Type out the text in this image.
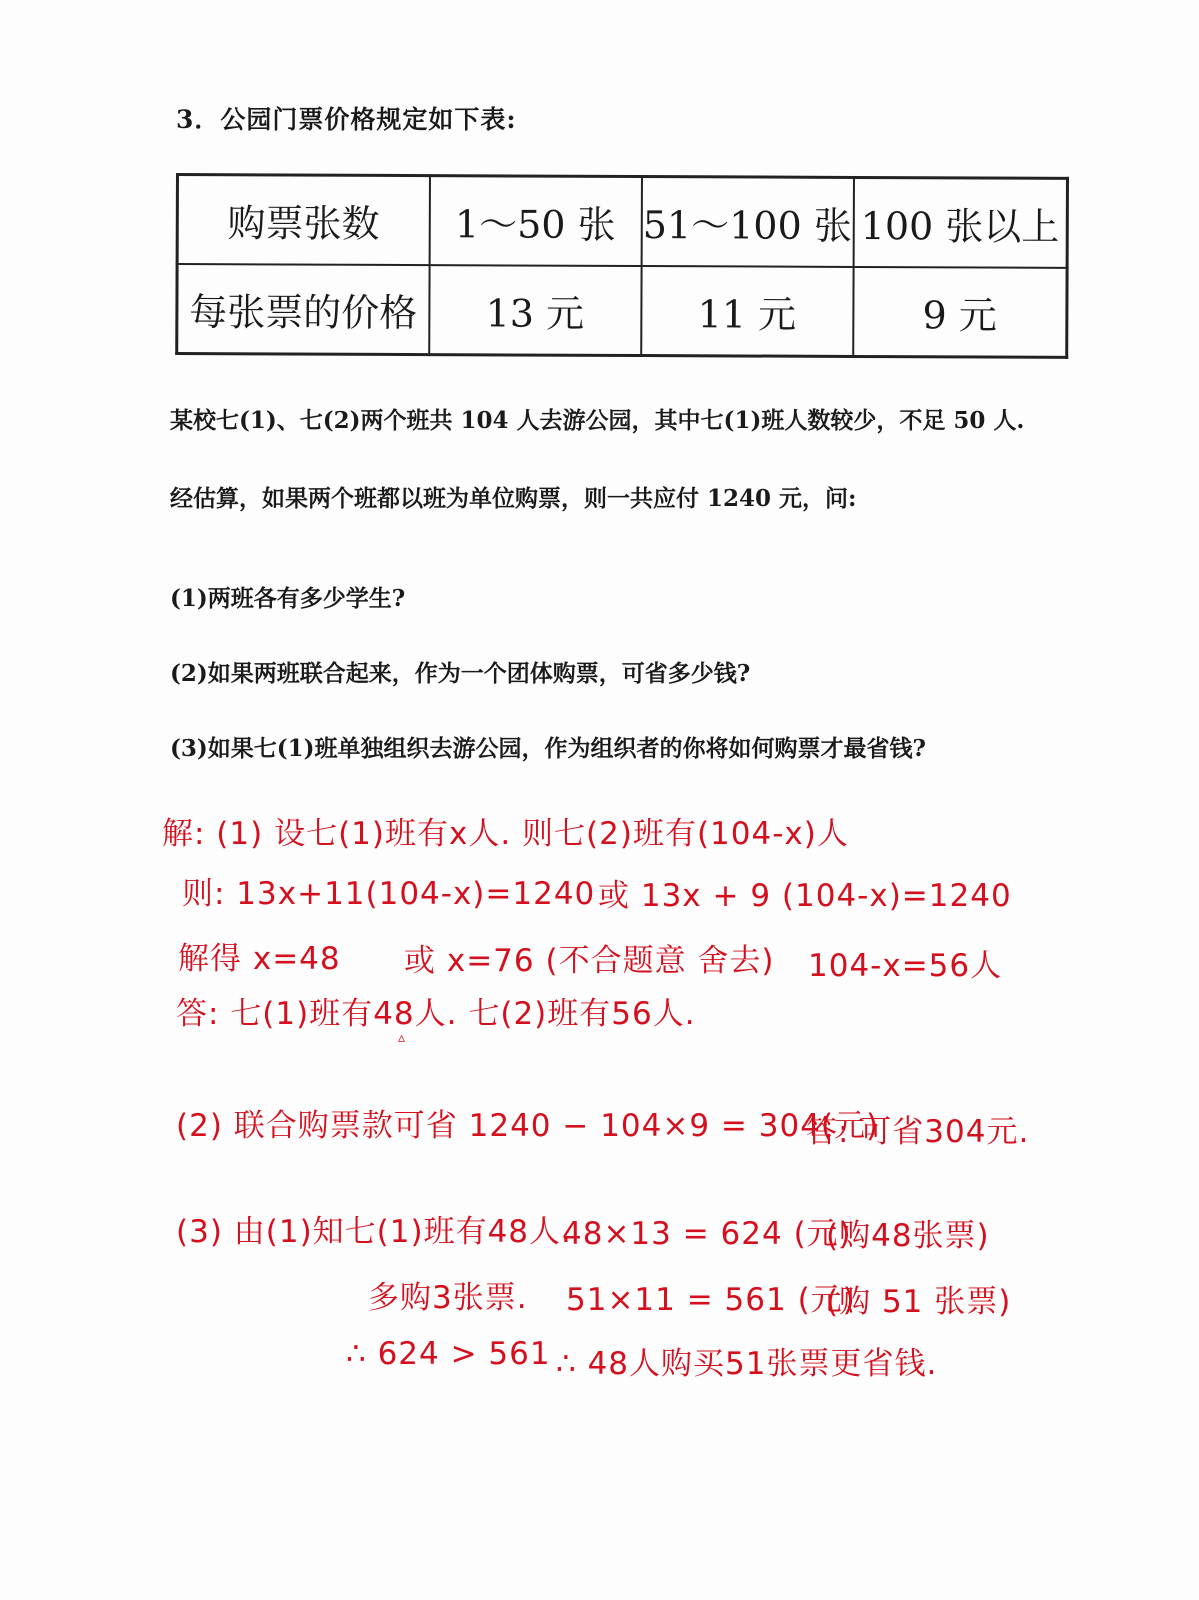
3．公园门票价格规定如下表:
购票张数	1～50 张	51～100 张	100 张以上
每张票的价格	13 元	11 元	9 元
某校七(1)、七(2)两个班共 104 人去游公园，其中七(1)班人数较少，不足 50 人.
经估算，如果两个班都以班为单位购票，则一共应付 1240 元，问:
(1)两班各有多少学生?
(2)如果两班联合起来，作为一个团体购票，可省多少钱?
(3)如果七(1)班单独组织去游公园，作为组织者的你将如何购票才最省钱?
解: (1) 设七(1)班有x人. 则七(2)班有(104-x)人
则: 13x+11(104-x)=1240 或 13x + 9 (104-x)=1240
解得 x=48 或 x=76 (不合题意 舍去) 104-x=56人
答: 七(1)班有48人. 七(2)班有56人.
▵
(2) 联合购票款可省 1240 − 104×9 = 304(元)
答: 可省304元.
(3) 由(1)知七(1)班有48人.
48×13 = 624 (元)
(购48张票)
多购3张票. 51×11 = 561 (元)
(购 51 张票)
∴ 624 > 561 ∴ 48人购买51张票更省钱.
